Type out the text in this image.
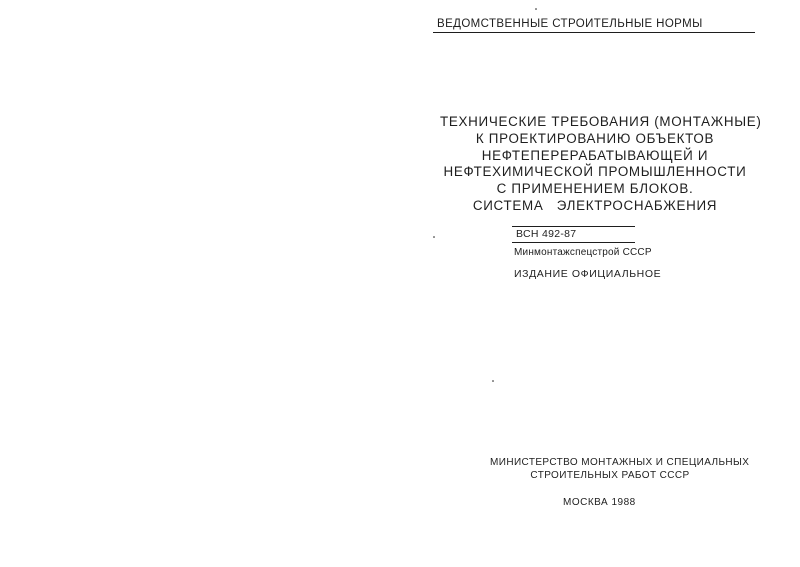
ВЕДОМСТВЕННЫЕ СТРОИТЕЛЬНЫЕ НОРМЫ
ТЕХНИЧЕСКИЕ ТРЕБОВАНИЯ (МОНТАЖНЫЕ)
К ПРОЕКТИРОВАНИЮ ОБЪЕКТОВ
НЕФТЕПЕРЕРАБАТЫВАЮЩЕЙ И
НЕФТЕХИМИЧЕСКОЙ ПРОМЫШЛЕННОСТИ
С ПРИМЕНЕНИЕМ БЛОКОВ.
СИСТЕМА   ЭЛЕКТРОСНАБЖЕНИЯ
ВСН 492-87
Минмонтажспецстрой СССР
ИЗДАНИЕ ОФИЦИАЛЬНОЕ
МИНИСТЕРСТВО МОНТАЖНЫХ И СПЕЦИАЛЬНЫХ
СТРОИТЕЛЬНЫХ РАБОТ СССР
МОСКВА 1988
